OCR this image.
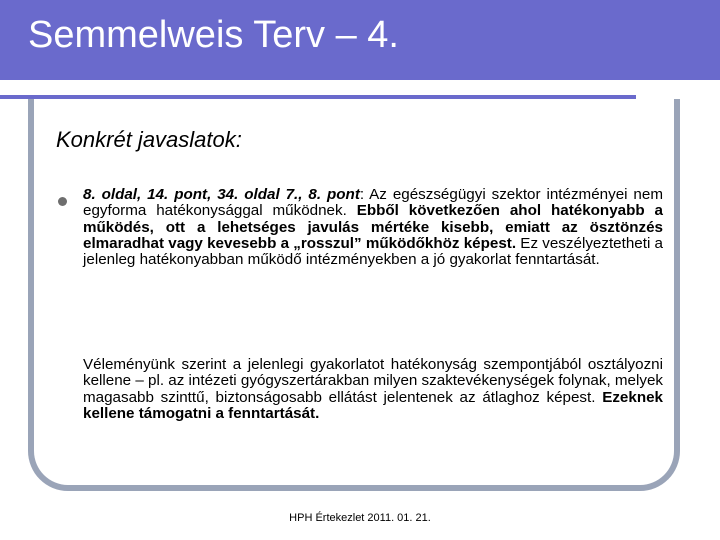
Semmelweis Terv – 4.
Konkrét javaslatok:
8. oldal, 14. pont, 34. oldal 7., 8. pont: Az egészségügyi szektor intézményei nem egyforma hatékonysággal működnek. Ebből következően ahol hatékonyabb a működés, ott a lehetséges javulás mértéke kisebb, emiatt az ösztönzés elmaradhat vagy kevesebb a „rosszul” működőkhöz képest. Ez veszélyeztetheti a jelenleg hatékonyabban működő intézményekben a jó gyakorlat fenntartását.
Véleményünk szerint a jelenlegi gyakorlatot hatékonyság szempontjából osztályozni kellene – pl. az intézeti gyógyszertárakban milyen szaktevékenységek folynak, melyek magasabb szinttű, biztonságosabb ellátást jelentenek az átlaghoz képest. Ezeknek kellene támogatni a fenntartását.
HPH Értekezlet 2011. 01. 21.
